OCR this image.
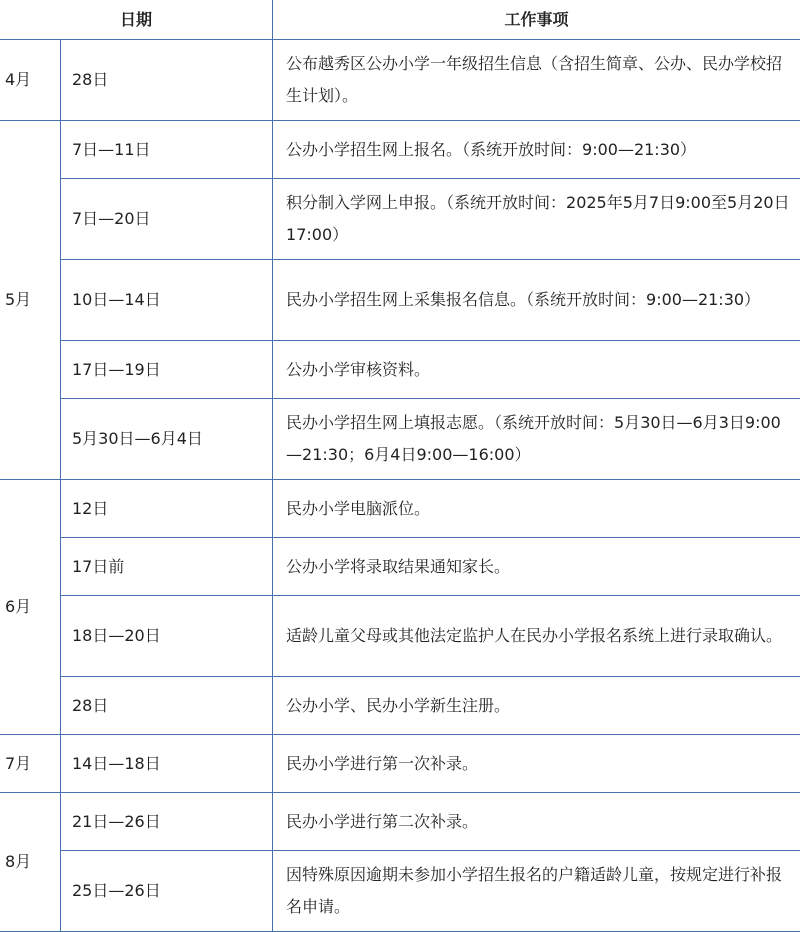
日期		工作事项
4月	28日	公布越秀区公办小学一年级招生信息（含招生简章、公办、民办学校招生计划）。
5月	7日—11日	公办小学招生网上报名。（系统开放时间：9:00—21:30）
	7日—20日	积分制入学网上申报。（系统开放时间：2025年5月7日9:00至5月20日17:00）
	10日—14日	民办小学招生网上采集报名信息。（系统开放时间：9:00—21:30）
	17日—19日	公办小学审核资料。
	5月30日—6月4日	民办小学招生网上填报志愿。（系统开放时间：5月30日—6月3日9:00—21:30；6月4日9:00—16:00）
6月	12日	民办小学电脑派位。
	17日前	公办小学将录取结果通知家长。
	18日—20日	适龄儿童父母或其他法定监护人在民办小学报名系统上进行录取确认。
	28日	公办小学、民办小学新生注册。
7月	14日—18日	民办小学进行第一次补录。
8月	21日—26日	民办小学进行第二次补录。
	25日—26日	因特殊原因逾期未参加小学招生报名的户籍适龄儿童，按规定进行补报名申请。
